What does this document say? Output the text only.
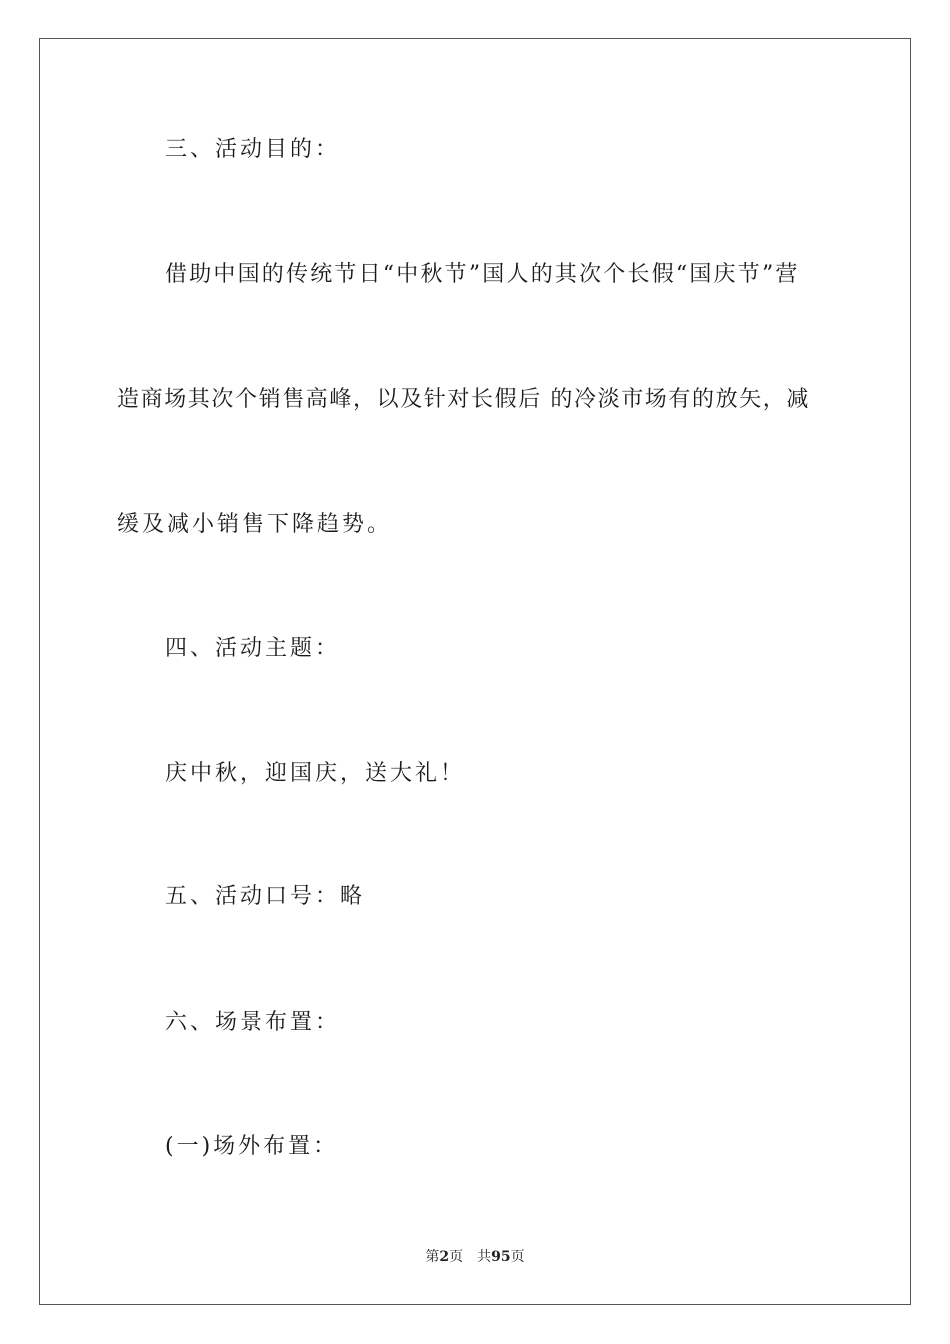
三、活动目的：
借助中国的传统节日“中秋节”国人的其次个长假“国庆节”营
造商场其次个销售高峰，以及针对长假后 的冷淡市场有的放矢，减
缓及减小销售下降趋势。
四、活动主题：
庆中秋，迎国庆，送大礼！
五、活动口号：略
六、场景布置：
(一)场外布置：
第2页 共95页
